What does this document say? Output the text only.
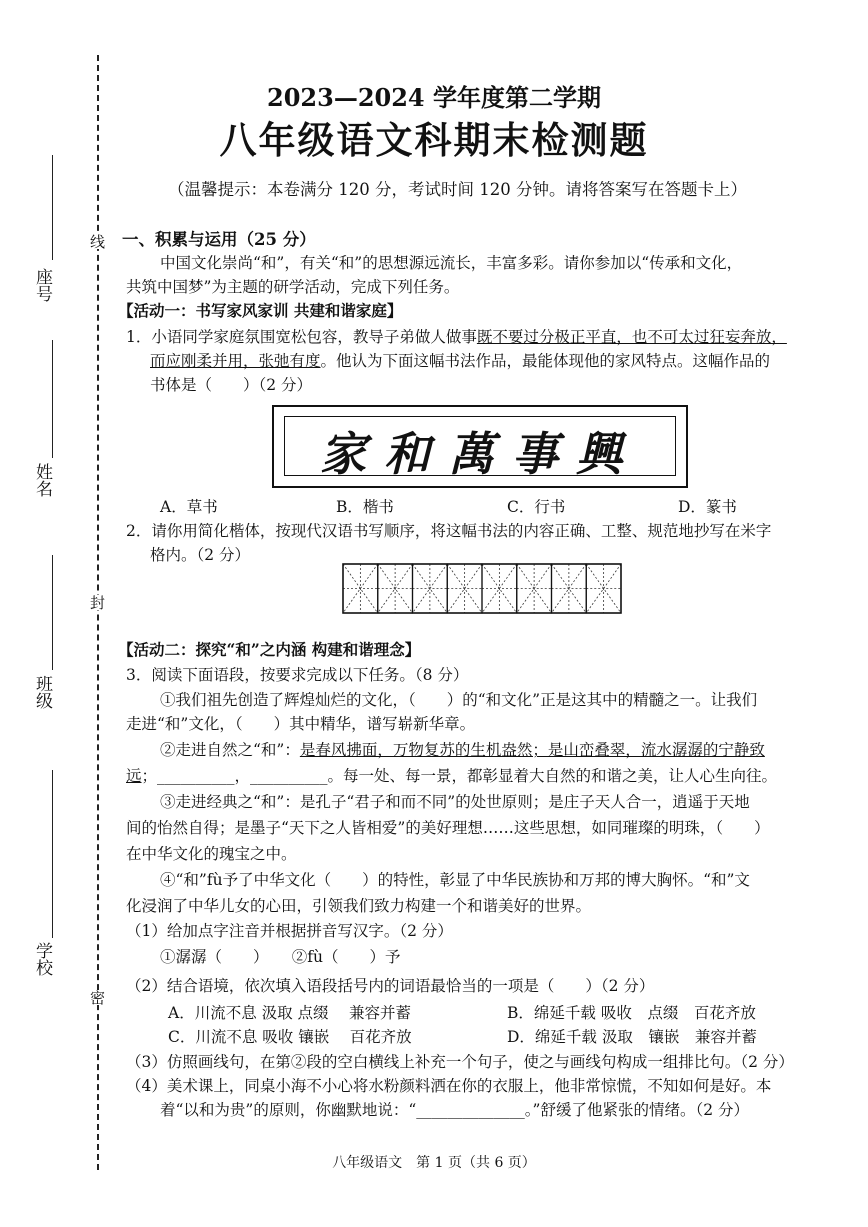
座号
姓名
班级
学校
线
封
密
2023—2024 学年度第二学期
八年级语文科期末检测题
（温馨提示：本卷满分 120 分，考试时间 120 分钟。请将答案写在答题卡上）
一、积累与运用（25 分）
中国文化崇尚“和”，有关“和”的思想源远流长，丰富多彩。请你参加以“传承和文化，
共筑中国梦”为主题的研学活动，完成下列任务。
【活动一：书写家风家训 共建和谐家庭】
1．小语同学家庭氛围宽松包容，教导子弟做人做事既不要过分极正平直，也不可太过狂妄奔放，
而应刚柔并用，张弛有度。他认为下面这幅书法作品，最能体现他的家风特点。这幅作品的
书体是（　　）（2 分）
家和萬事興
A．草书	B．楷书	C．行书	D．篆书
2．请你用简化楷体，按现代汉语书写顺序，将这幅书法的内容正确、工整、规范地抄写在米字
格内。（2 分）
【活动二：探究“和”之内涵 构建和谐理念】
3．阅读下面语段，按要求完成以下任务。（8 分）
①我们祖先创造了辉煌灿烂的文化，（　　）的“和文化”正是这其中的精髓之一。让我们
走进“和”文化，（　　）其中精华，谱写崭新华章。
②走进自然之“和”：是春风拂面，万物复苏的生机盎然；是山峦叠翠，流水潺潺的宁静致
远；__________，__________。每一处、每一景，都彰显着大自然的和谐之美，让人心生向往。
③走进经典之“和”：是孔子“君子和而不同”的处世原则；是庄子天人合一，逍遥于天地
间的怡然自得；是墨子“天下之人皆相爱”的美好理想……这些思想，如同璀璨的明珠，（　　）
在中华文化的瑰宝之中。
④“和”fù予了中华文化（　　）的特性，彰显了中华民族协和万邦的博大胸怀。“和”文
化浸润了中华儿女的心田，引领我们致力构建一个和谐美好的世界。
（1）给加点字注音并根据拼音写汉字。（2 分）
①潺潺（　　）　　②fù（　　）予
（2）结合语境，依次填入语段括号内的词语最恰当的一项是（　　）（2 分）
A．川流不息 汲取 点缀　 兼容并蓄	B．绵延千载 吸收　点缀　百花齐放
C．川流不息 吸收 镶嵌　 百花齐放	D．绵延千载 汲取　镶嵌　兼容并蓄
（3）仿照画线句，在第②段的空白横线上补充一个句子，使之与画线句构成一组排比句。（2 分）
（4）美术课上，同桌小海不小心将水粉颜料洒在你的衣服上，他非常惊慌，不知如何是好。本
着“以和为贵”的原则，你幽默地说：“______________。”舒缓了他紧张的情绪。（2 分）
八年级语文　第 1 页（共 6 页）
